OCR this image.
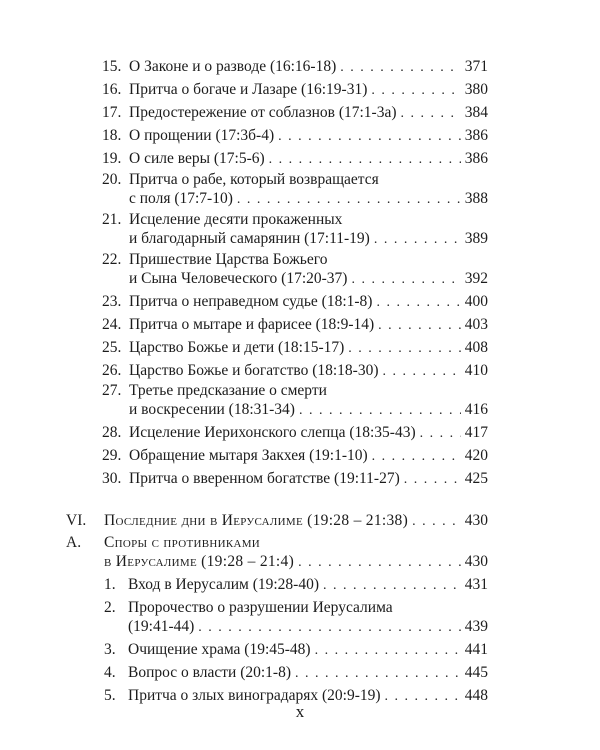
15. О Законе и о разводе (16:16-18) . . .	371
16. Притча о богаче и Лазаре (16:19-31) . . .	380
17. Предостережение от соблазнов (17:1-3а) . . .	384
18. О прощении (17:3б-4) . . .	386
19. О силе веры (17:5-6) . . .	386
20. Притча о рабе, который возвращается
с поля (17:7-10) . . .	388
21. Исцеление десяти прокаженных
и благодарный самарянин (17:11-19) . . .	389
22. Пришествие Царства Божьего
и Сына Человеческого (17:20-37) . . .	392
23. Притча о неправедном судье (18:1-8) . . .	400
24. Притча о мытаре и фарисее (18:9-14) . . .	403
25. Царство Божье и дети (18:15-17) . . .	408
26. Царство Божье и богатство (18:18-30) . . .	410
27. Третье предсказание о смерти
и воскресении (18:31-34) . . .	416
28. Исцеление Иерихонского слепца (18:35-43) . . .	417
29. Обращение мытаря Закхея (19:1-10) . . .	420
30. Притча о вверенном богатстве (19:11-27) . . .	425
VI.	Последние дни в Иерусалиме (19:28 – 21:38) . . .	430
A. Споры с противниками
в Иерусалиме (19:28 – 21:4) . . .	430
1. Вход в Иерусалим (19:28-40) . . .	431
2. Пророчество о разрушении Иерусалима
(19:41-44) . . .	439
3. Очищение храма (19:45-48) . . .	441
4. Вопрос о власти (20:1-8) . . .	445
5. Притча о злых виноградарях (20:9-19) . . .	448
x
